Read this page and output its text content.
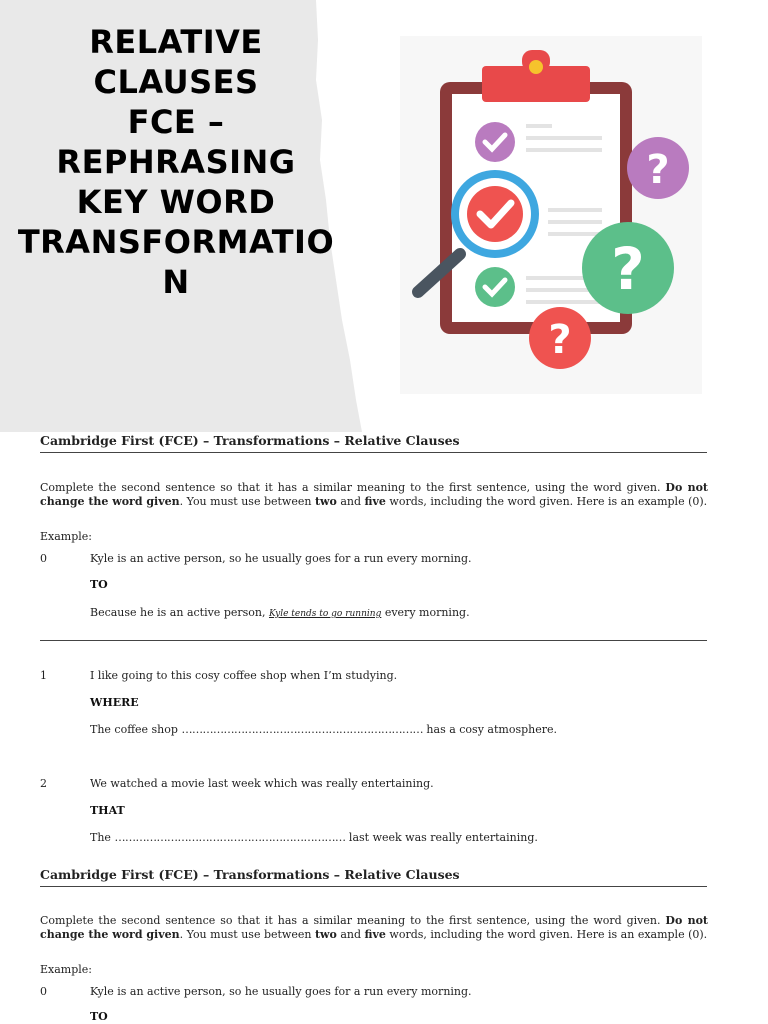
RELATIVE
CLAUSES
FCE –
REPHRASING
KEY WORD
TRANSFORMATIO
N
?
?
?
Cambridge First (FCE) – Transformations – Relative Clauses
Complete the second sentence so that it has a similar meaning to the first sentence, using the word given. Do not change the word given. You must use between two and five words, including the word given. Here is an example (0).
Example:
0	Kyle is an active person, so he usually goes for a run every morning.
TO
Because he is an active person, Kyle tends to go running every morning.
1	I like going to this cosy coffee shop when I’m studying.
WHERE
The coffee shop …………………………………………………………… has a cosy atmosphere.
2	We watched a movie last week which was really entertaining.
THAT
The ………………………………………………………… last week was really entertaining.
Cambridge First (FCE) – Transformations – Relative Clauses
Complete the second sentence so that it has a similar meaning to the first sentence, using the word given. Do not change the word given. You must use between two and five words, including the word given. Here is an example (0).
Example:
0	Kyle is an active person, so he usually goes for a run every morning.
TO
